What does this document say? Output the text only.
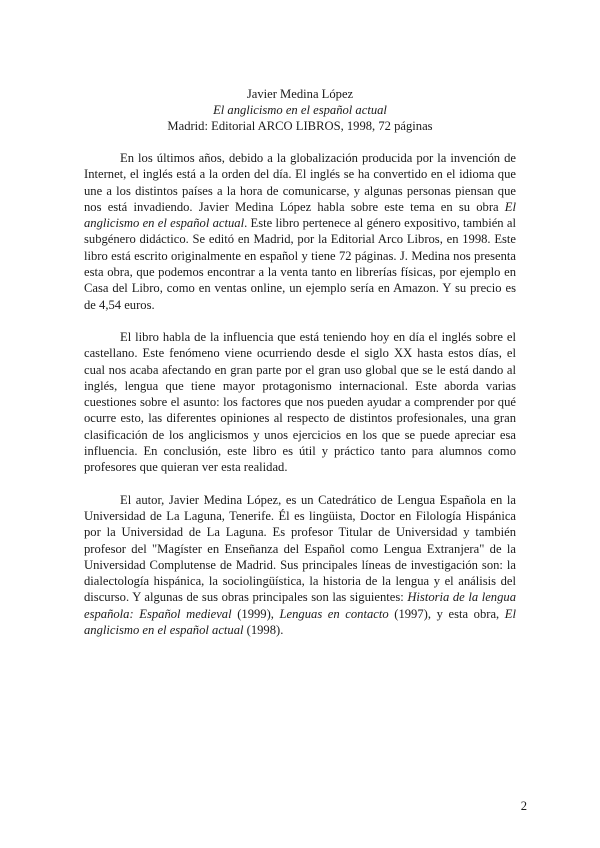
Javier Medina López
El anglicismo en el español actual
Madrid: Editorial ARCO LIBROS, 1998, 72 páginas

En los últimos años, debido a la globalización producida por la invención de Internet, el inglés está a la orden del día. El inglés se ha convertido en el idioma que une a los distintos países a la hora de comunicarse, y algunas personas piensan que nos está invadiendo. Javier Medina López habla sobre este tema en su obra El anglicismo en el español actual. Este libro pertenece al género expositivo, también al subgénero didáctico. Se editó en Madrid, por la Editorial Arco Libros, en 1998. Este libro está escrito originalmente en español y tiene 72 páginas. J. Medina nos presenta esta obra, que podemos encontrar a la venta tanto en librerías físicas, por ejemplo en Casa del Libro, como en ventas online, un ejemplo sería en Amazon. Y su precio es de 4,54 euros.

El libro habla de la influencia que está teniendo hoy en día el inglés sobre el castellano. Este fenómeno viene ocurriendo desde el siglo XX hasta estos días, el cual nos acaba afectando en gran parte por el gran uso global que se le está dando al inglés, lengua que tiene mayor protagonismo internacional. Este aborda varias cuestiones sobre el asunto: los factores que nos pueden ayudar a comprender por qué ocurre esto, las diferentes opiniones al respecto de distintos profesionales, una gran clasificación de los anglicismos y unos ejercicios en los que se puede apreciar esa influencia. En conclusión, este libro es útil y práctico tanto para alumnos como profesores que quieran ver esta realidad.

El autor, Javier Medina López, es un Catedrático de Lengua Española en la Universidad de La Laguna, Tenerife. Él es lingüista, Doctor en Filología Hispánica por la Universidad de La Laguna. Es profesor Titular de Universidad y también profesor del "Magíster en Enseñanza del Español como Lengua Extranjera" de la Universidad Complutense de Madrid. Sus principales líneas de investigación son: la dialectología hispánica, la sociolingüística, la historia de la lengua y el análisis del discurso. Y algunas de sus obras principales son las siguientes: Historia de la lengua española: Español medieval (1999), Lenguas en contacto (1997), y esta obra, El anglicismo en el español actual (1998).

2
